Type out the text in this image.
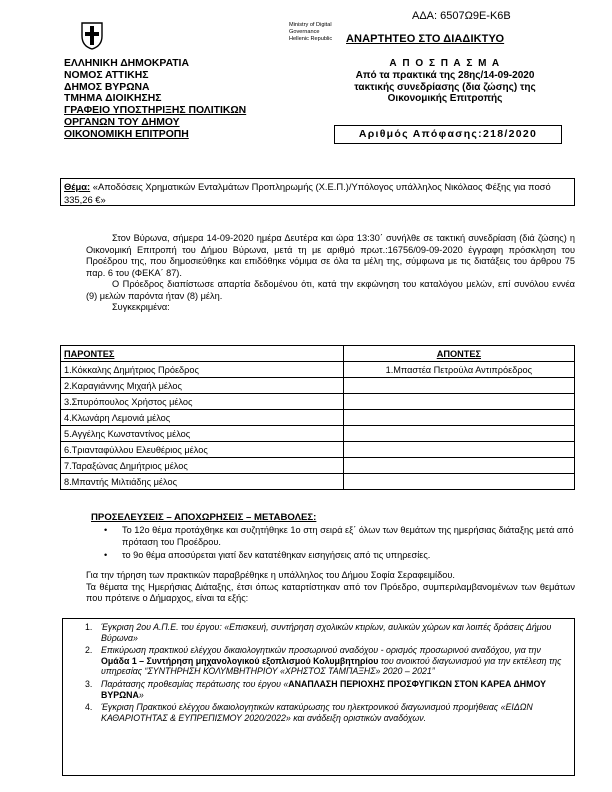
ΑΔΑ: 6507Ω9Ε-Κ6Β
Ministry of Digital
Governance
Hellenic Republic ΑΝΑΡΤΗΤΕΟ ΣΤΟ ΔΙΑΔΙΚΤΥΟ
ΕΛΛΗΝΙΚΗ ΔΗΜΟΚΡΑΤΙΑ
ΝΟΜΟΣ ΑΤΤΙΚΗΣ
ΔΗΜΟΣ ΒΥΡΩΝΑ
ΤΜΗΜΑ ΔΙΟΙΚΗΣΗΣ
ΓΡΑΦΕΙΟ ΥΠΟΣΤΗΡΙΞΗΣ ΠΟΛΙΤΙΚΩΝ
ΟΡΓΑΝΩΝ ΤΟΥ ΔΗΜΟΥ
ΟΙΚΟΝΟΜΙΚΗ ΕΠΙΤΡΟΠΗ
Α Π Ο Σ Π Α Σ Μ Α
Από τα πρακτικά της 28ης/14-09-2020
τακτικής συνεδρίασης (δια ζώσης) της
Οικονομικής Επιτροπής
Αριθμός Απόφασης:218/2020
Θέμα: «Αποδόσεις Χρηματικών Ενταλμάτων Προπληρωμής (Χ.Ε.Π.)/Υπόλογος υπάλληλος Νικόλαος Φέξης για ποσό 335,26 €»

Στον Βύρωνα, σήμερα 14-09-2020 ημέρα Δευτέρα και ώρα 13:30΄ συνήλθε σε τακτική συνεδρίαση (διά ζώσης) η Οικονομική Επιτροπή του Δήμου Βύρωνα, μετά τη με αριθμό πρωτ.:16756/09-09-2020 έγγραφη πρόσκληση του Προέδρου της, που δημοσιεύθηκε και επιδόθηκε νόμιμα σε όλα τα μέλη της, σύμφωνα με τις διατάξεις του άρθρου 75 παρ. 6 του (ΦΕΚΑ΄ 87).

Ο Πρόεδρος διαπίστωσε απαρτία δεδομένου ότι, κατά την εκφώνηση του καταλόγου μελών, επί συνόλου εννέα (9) μελών παρόντα ήταν (8) μέλη.

Συγκεκριμένα:

ΠΑΡΟΝΤΕΣ	ΑΠΟΝΤΕΣ
1.Κόκκαλης Δημήτριος Πρόεδρος	1.Μπαστέα Πετρούλα Αντιπρόεδρος
2.Καραγιάννης Μιχαήλ μέλος	
3.Σπυρόπουλος Χρήστος μέλος	
4.Κλωνάρη Λεμονιά μέλος	
5.Αγγέλης Κωνσταντίνος μέλος	
6.Τριανταφύλλου Ελευθέριος μέλος	
7.Ταραξώνας Δημήτριος μέλος	
8.Μπαντής Μιλτιάδης μέλος	
ΠΡΟΣΕΛΕΥΣΕΙΣ – ΑΠΟΧΩΡΗΣΕΙΣ – ΜΕΤΑΒΟΛΕΣ:
• Το 12ο θέμα προτάχθηκε και συζητήθηκε 1ο στη σειρά εξ΄ όλων των θεμάτων της ημερήσιας διάταξης μετά από πρόταση του Προέδρου.
• το 9ο θέμα αποσύρεται γιατί δεν κατατέθηκαν εισηγήσεις από τις υπηρεσίες.

Για την τήρηση των πρακτικών παραβρέθηκε η υπάλληλος του Δήμου Σοφία Σεραφειμίδου.

Τα θέματα της Ημερήσιας Διάταξης, έτσι όπως καταρτίστηκαν από τον Πρόεδρο, συμπεριλαμβανομένων των θεμάτων που πρότεινε ο Δήμαρχος, είναι τα εξής:

1. Έγκριση 2ου Α.Π.Ε. του έργου: «Επισκευή, συντήρηση σχολικών κτιρίων, αυλικών χώρων και λοιπές δράσεις Δήμου Βύρωνα»
2. Επικύρωση πρακτικού ελέγχου δικαιολογητικών προσωρινού αναδόχου - ορισμός προσωρινού αναδόχου, για την Ομάδα 1 – Συντήρηση μηχανολογικού εξοπλισμού Κολυμβητηρίου του ανοικτού διαγωνισμού για την εκτέλεση της υπηρεσίας “ΣΥΝΤΗΡΗΣΗ ΚΟΛΥΜΒΗΤΗΡΙΟΥ «ΧΡΗΣΤΟΣ ΤΑΜΠΑΞΗΣ» 2020 – 2021”
3. Παράτασης προθεσμίας περάτωσης του έργου «ΑΝΑΠΛΑΣΗ ΠΕΡΙΟΧΗΣ ΠΡΟΣΦΥΓΙΚΩΝ ΣΤΟΝ ΚΑΡΕΑ ΔΗΜΟΥ ΒΥΡΩΝΑ»
4. Έγκριση Πρακτικού ελέγχου δικαιολογητικών κατακύρωσης του ηλεκτρονικού διαγωνισμού προμήθειας «ΕΙΔΩΝ ΚΑΘΑΡΙΟΤΗΤΑΣ & ΕΥΠΡΕΠΙΣΜΟΥ 2020/2022» και ανάδειξη οριστικών αναδόχων.
